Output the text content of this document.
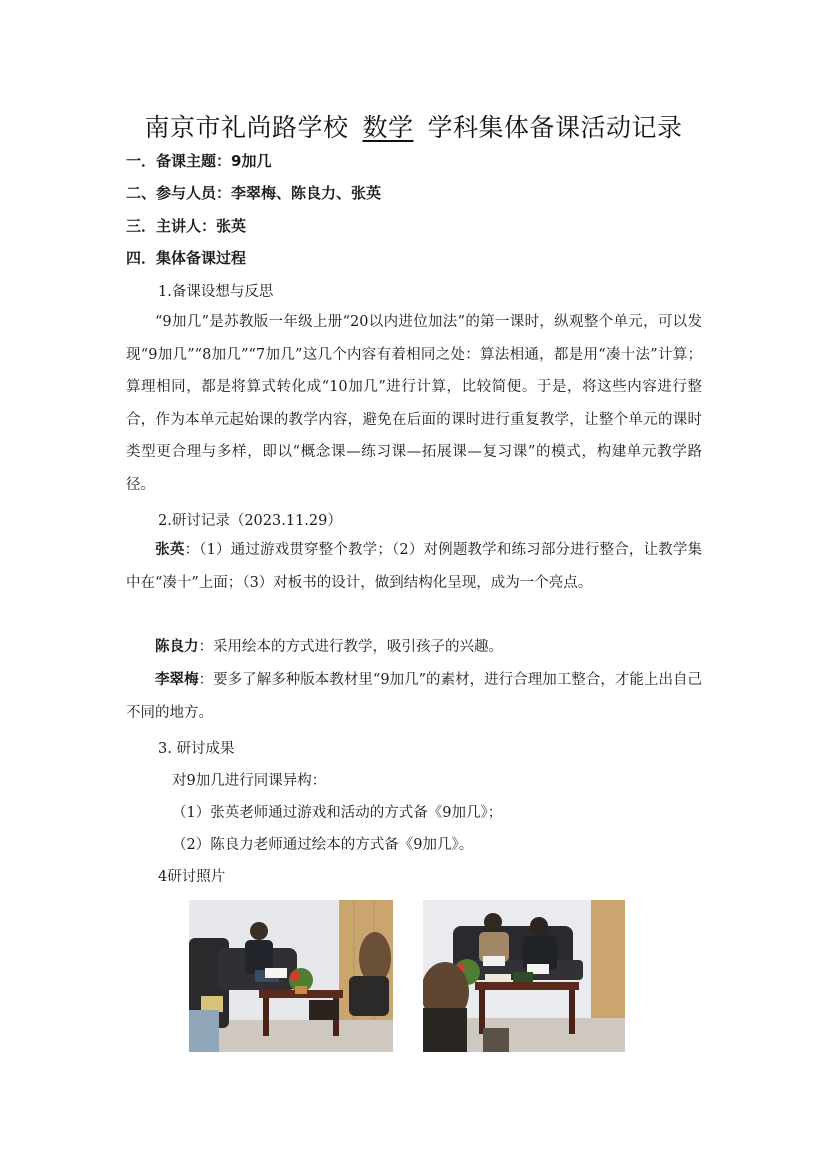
南京市礼尚路学校 数学 学科集体备课活动记录
一．备课主题：9加几
二、参与人员：李翠梅、陈良力、张英
三．主讲人：张英
四．集体备课过程
1.备课设想与反思
“9加几”是苏教版一年级上册“20以内进位加法”的第一课时，纵观整个单元，可以发现“9加几”“8加几”“7加几”这几个内容有着相同之处：算法相通，都是用“凑十法”计算；算理相同，都是将算式转化成“10加几”进行计算，比较简便。于是，将这些内容进行整合，作为本单元起始课的教学内容，避免在后面的课时进行重复教学，让整个单元的课时类型更合理与多样，即以“概念课—练习课—拓展课—复习课”的模式，构建单元教学路径。
2.研讨记录（2023.11.29）
张英：（1）通过游戏贯穿整个教学；（2）对例题教学和练习部分进行整合，让教学集中在“凑十”上面；（3）对板书的设计，做到结构化呈现，成为一个亮点。
陈良力：采用绘本的方式进行教学，吸引孩子的兴趣。
李翠梅：要多了解多种版本教材里“9加几”的素材，进行合理加工整合，才能上出自己不同的地方。
3. 研讨成果
对9加几进行同课异构：
（1）张英老师通过游戏和活动的方式备《9加几》；
（2）陈良力老师通过绘本的方式备《9加几》。
4研讨照片
